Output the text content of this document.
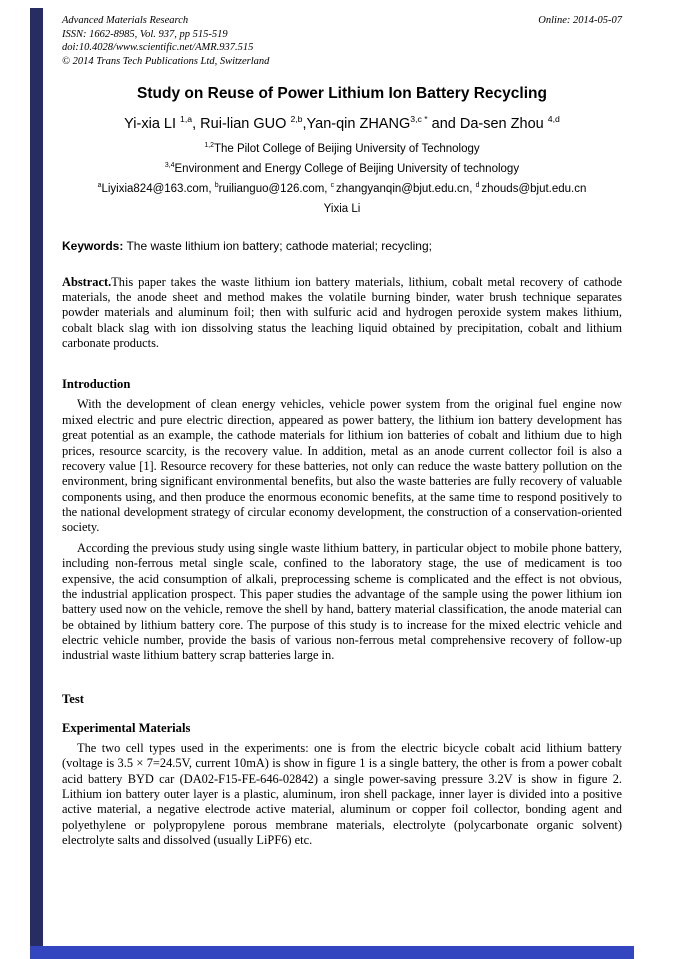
Advanced Materials Research	Online: 2014-05-07
ISSN: 1662-8985, Vol. 937, pp 515-519
doi:10.4028/www.scientific.net/AMR.937.515
© 2014 Trans Tech Publications Ltd, Switzerland
Study on Reuse of Power Lithium Ion Battery Recycling
Yi-xia LI $^{1,a}$, Rui-lian GUO $^{2,b}$,Yan-qin $ZHANG^{3,c *}$ and Da-sen Zhou $^{4,d}$
$^{1,2}$The Pilot College of Beijing University of Technology
$^{3,4}$Environment and Energy College of Beijing University of technology
$^a$Liyixia824@163.com, $^b$ruilianguo@126.com, $^c$ zhangyanqin@bjut.edu.cn, $^d$ zhouds@bjut.edu.cn
Yixia Li
Keywords: The waste lithium ion battery; cathode material; recycling;
Abstract.This paper takes the waste lithium ion battery materials, lithium, cobalt metal recovery of cathode materials, the anode sheet and method makes the volatile burning binder, water brush technique separates powder materials and aluminum foil; then with sulfuric acid and hydrogen peroxide system makes lithium, cobalt black slag with ion dissolving status the leaching liquid obtained by precipitation, cobalt and lithium carbonate products.
Introduction

With the development of clean energy vehicles, vehicle power system from the original fuel engine now mixed electric and pure electric direction, appeared as power battery, the lithium ion battery development has great potential as an example, the cathode materials for lithium ion batteries of cobalt and lithium due to high prices, resource scarcity, is the recovery value. In addition, metal as an anode current collector foil is also a recovery value [1]. Resource recovery for these batteries, not only can reduce the waste battery pollution on the environment, bring significant environmental benefits, but also the waste batteries are fully recovery of valuable components using, and then produce the enormous economic benefits, at the same time to respond positively to the national development strategy of circular economy development, the construction of a conservation-oriented society.

According the previous study using single waste lithium battery, in particular object to mobile phone battery, including non-ferrous metal single scale, confined to the laboratory stage, the use of medicament is too expensive, the acid consumption of alkali, preprocessing scheme is complicated and the effect is not obvious, the industrial application prospect. This paper studies the advantage of the sample using the power lithium ion battery used now on the vehicle, remove the shell by hand, battery material classification, the anode material can be obtained by lithium battery core. The purpose of this study is to increase for the mixed electric vehicle and electric vehicle number, provide the basis of various non-ferrous metal comprehensive recovery of follow-up industrial waste lithium battery scrap batteries large in.

Test
Experimental Materials

The two cell types used in the experiments: one is from the electric bicycle cobalt acid lithium battery (voltage is 3.5 × 7=24.5V, current 10mA) is show in figure 1 is a single battery, the other is from a power cobalt acid battery BYD car (DA02-F15-FE-646-02842) a single power-saving pressure 3.2V is show in figure 2. Lithium ion battery outer layer is a plastic, aluminum, iron shell package, inner layer is divided into a positive active material, a negative electrode active material, aluminum or copper foil collector, bonding agent and polyethylene or polypropylene porous membrane materials, electrolyte (polycarbonate organic solvent) electrolyte salts and dissolved (usually LiPF6) etc.
